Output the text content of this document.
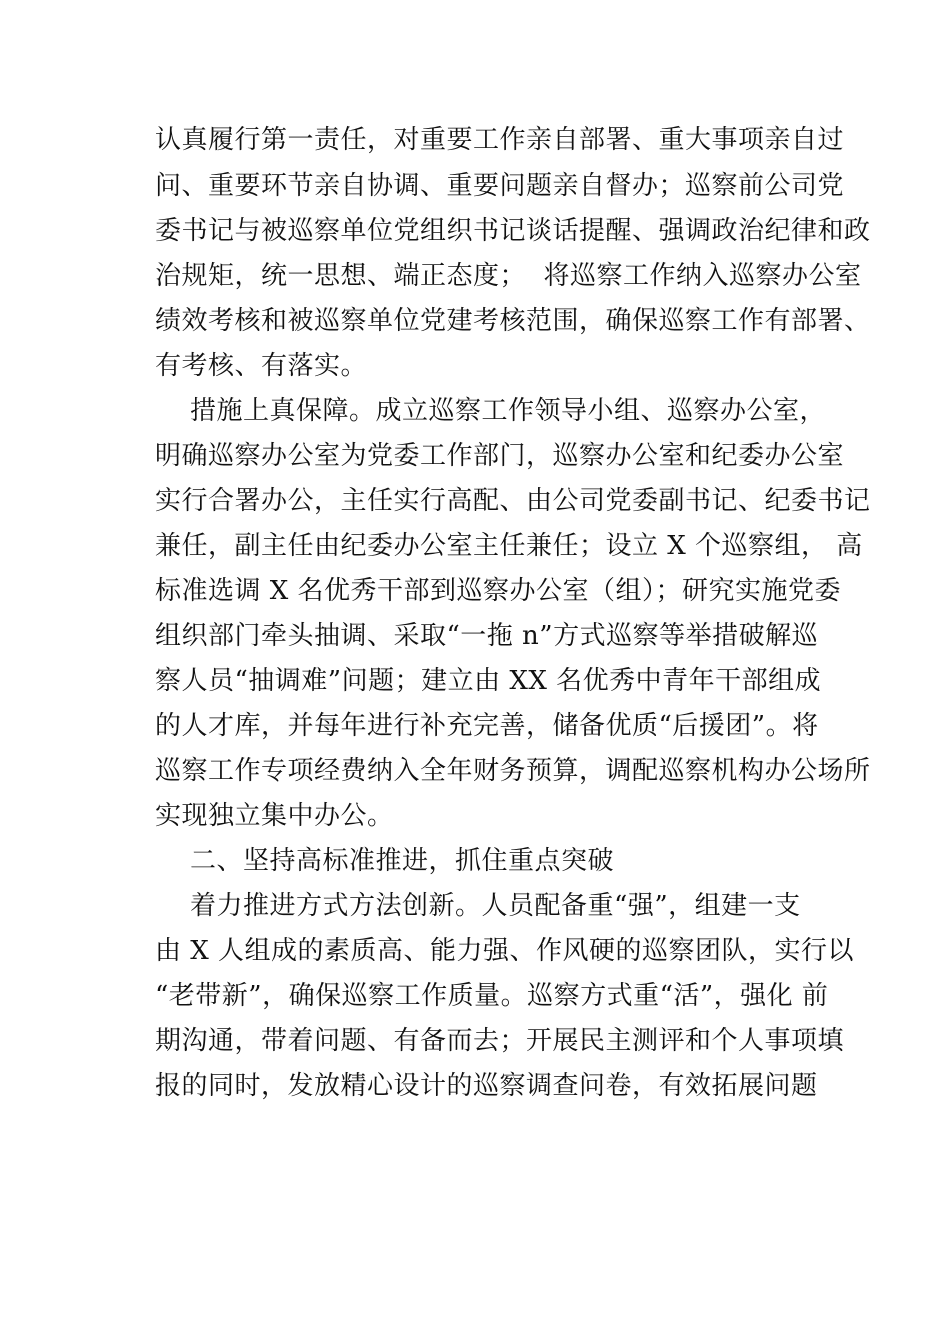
认真履行第一责任，对重要工作亲自部署、重大事项亲自过
问、重要环节亲自协调、重要问题亲自督办；巡察前公司党
委书记与被巡察单位党组织书记谈话提醒、强调政治纪律和政
治规矩，统一思想、端正态度；  将巡察工作纳入巡察办公室
绩效考核和被巡察单位党建考核范围，确保巡察工作有部署、
有考核、有落实。
措施上真保障。成立巡察工作领导小组、巡察办公室，
明确巡察办公室为党委工作部门，巡察办公室和纪委办公室
实行合署办公，主任实行高配、由公司党委副书记、纪委书记
兼任，副主任由纪委办公室主任兼任；设立 X 个巡察组， 高
标准选调 X 名优秀干部到巡察办公室（组）；研究实施党委
组织部门牵头抽调、采取“一拖 n”方式巡察等举措破解巡
察人员“抽调难”问题；建立由 XX 名优秀中青年干部组成
的人才库，并每年进行补充完善，储备优质“后援团”。将
巡察工作专项经费纳入全年财务预算，调配巡察机构办公场所
实现独立集中办公。
二、坚持高标准推进，抓住重点突破
着力推进方式方法创新。人员配备重“强”，组建一支
由 X 人组成的素质高、能力强、作风硬的巡察团队，实行以
“老带新”，确保巡察工作质量。巡察方式重“活”，强化 前
期沟通，带着问题、有备而去；开展民主测评和个人事项填
报的同时，发放精心设计的巡察调查问卷，有效拓展问题
